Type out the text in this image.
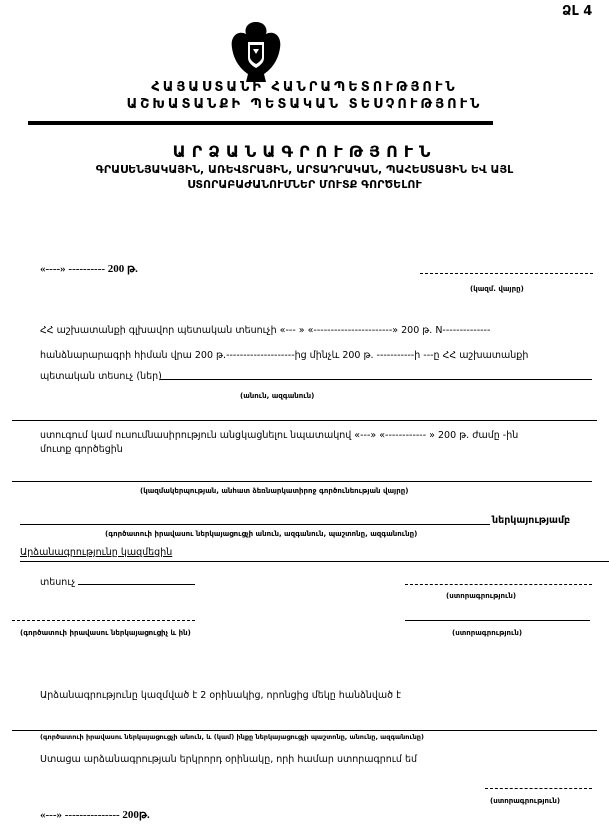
ՁԼ 4
ՀԱՅԱՍՏԱՆԻ ՀԱՆՐԱՊԵՏՈՒԹՅՈՒՆ
ԱՇԽԱՏԱՆՔԻ ՊԵՏԱԿԱՆ ՏԵՍՉՈՒԹՅՈՒՆ
ԱՐՁԱՆԱԳՐՈՒԹՅՈՒՆ
ԳՐԱՍԵՆՅԱԿԱՅԻՆ, ԱՌԵՎՏՐԱՅԻՆ, ԱՐՏԱԴՐԱԿԱՆ, ՊԱՀԵՍՏԱՅԻՆ ԵՎ ԱՅԼ
ՍՏՈՐԱԲԱԺԱՆՈՒՄՆԵՐ ՄՈՒՏՔ ԳՈՐԾԵԼՈՒ
«----» ---------- 200 թ.
(կազմ. վայրը)
ՀՀ աշխատանքի գլխավոր պետական տեսուչի «--- » «-----------------------» 200 թ. N--------------
հանձնարարագրի հիման վրա 200 թ.--------------------ից մինչև 200 թ. -----------ի ---ը ՀՀ աշխատանքի
պետական տեսուչ (ներ)
(անուն, ազգանուն)
ստուգում կամ ուսումնասիրություն անցկացնելու նպատակով «---» «------------ » 200 թ. ժամը -ին
մուտք գործեցին
(կազմակերպության, անհատ ձեռնարկատիրոջ գործունեության վայրը)
ներկայությամբ
(գործատուի իրավասու ներկայացուցչի անուն, ազգանուն, պաշտոնը, ազգանունը)
Արձանագրությունը կազմեցին
տեսուչ
(ստորագրություն)
(գործատուի իրավասու ներկայացուցիչ և ին)	(ստորագրություն)
Արձանագրությունը կազմված է 2 օրինակից, որոնցից մեկը հանձնված է
(գործատուի իրավասու ներկայացուցչի անուն, և (կամ) ինքը ներկայացուցչի պաշտոնը, անունը, ազգանունը)
Ստացա արձանագրության երկրորդ օրինակը, որի համար ստորագրում եմ
(ստորագրություն)
«---» --------------- 200թ.
